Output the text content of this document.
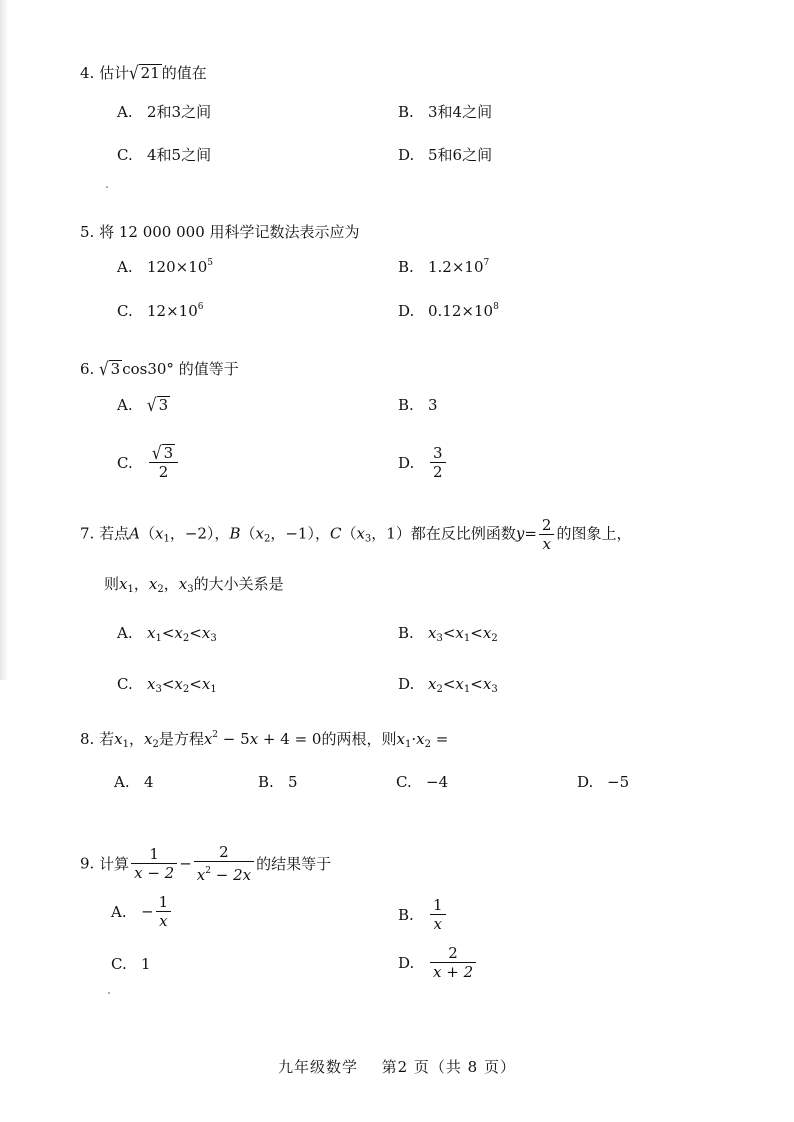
4. 估计√ 21 的值在
A. 2和3之间	B. 3和4之间
C. 4和5之间	D. 5和6之间
5. 将 12 000 000 用科学记数法表示应为
A. $120\times 10^5$	B. $1.2\times 10^7$
C. $12\times 10^6$	D. $0.12\times 10^8$
6. √ 3 cos30° 的值等于
A. √ 3	B. 3
C. $\frac{√ 3}{2}$	D. $\frac{3}{2}$
7. 若点$A(x_1$，−2），$B(x_2$，−1），$C(x_3$，1）都在反比例函数$y= \frac{2}{x}$ 的图象上，
则$x_1$，$x_2$，$x_3$的大小关系是
A. $x_1<x_2<x_3$	B. $x_3<x_1<x_2$
C. $x_3<x_2<x_1$	D. $x_2<x_1<x_3$
8. 若$x_1$，$x_2$是方程$x^2 - 5x + 4 = 0$的两根，则$x_1\cdot x_2$ =
A. 4	B. 5	C. −4	D. −5
9. 计算 $\frac{1}{x - 2} - \frac{2}{x^2 - 2x}$ 的结果等于
A. − $\frac{1}{x}$	B. $\frac{1}{x}$
C. 1	D. $\frac{2}{x + 2}$
九年级数学 第2 页（共 8 页）
